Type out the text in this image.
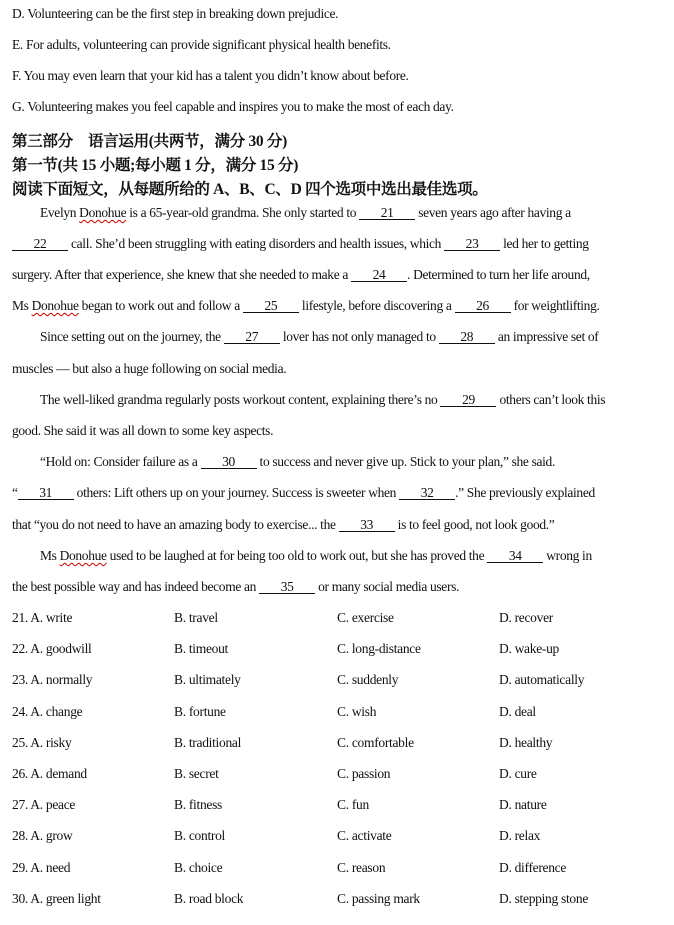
D. Volunteering can be the first step in breaking down prejudice.
E. For adults, volunteering can provide significant physical health benefits.
F. You may even learn that your kid has a talent you didn’t know about before.
G. Volunteering makes you feel capable and inspires you to make the most of each day.
第三部分　语言运用(共两节，满分 30 分)
第一节(共 15 小题;每小题 1 分，满分 15 分)
阅读下面短文，从每题所给的 A、B、C、D 四个选项中选出最佳选项。
Evelyn Donohue is a 65-year-old grandma. She only started to 21 seven years ago after having a
22 call. She’d been struggling with eating disorders and health issues, which 23 led her to getting
surgery. After that experience, she knew that she needed to make a 24 . Determined to turn her life around,
Ms Donohue began to work out and follow a 25 lifestyle, before discovering a 26 for weightlifting.
Since setting out on the journey, the 27 lover has not only managed to 28 an impressive set of
muscles — but also a huge following on social media.
The well-liked grandma regularly posts workout content, explaining there’s no 29 others can’t look this
good. She said it was all down to some key aspects.
“Hold on: Consider failure as a 30 to success and never give up. Stick to your plan,” she said.
“ 31 others: Lift others up on your journey. Success is sweeter when 32 .” She previously explained
that “you do not need to have an amazing body to exercise... the 33 is to feel good, not look good.”
Ms Donohue used to be laughed at for being too old to work out, but she has proved the 34 wrong in
the best possible way and has indeed become an 35 or many social media users.
21. A. write	B. travel	C. exercise	D. recover
22. A. goodwill	B. timeout	C. long-distance	D. wake-up
23. A. normally	B. ultimately	C. suddenly	D. automatically
24. A. change	B. fortune	C. wish	D. deal
25. A. risky	B. traditional	C. comfortable	D. healthy
26. A. demand	B. secret	C. passion	D. cure
27. A. peace	B. fitness	C. fun	D. nature
28. A. grow	B. control	C. activate	D. relax
29. A. need	B. choice	C. reason	D. difference
30. A. green light	B. road block	C. passing mark	D. stepping stone
